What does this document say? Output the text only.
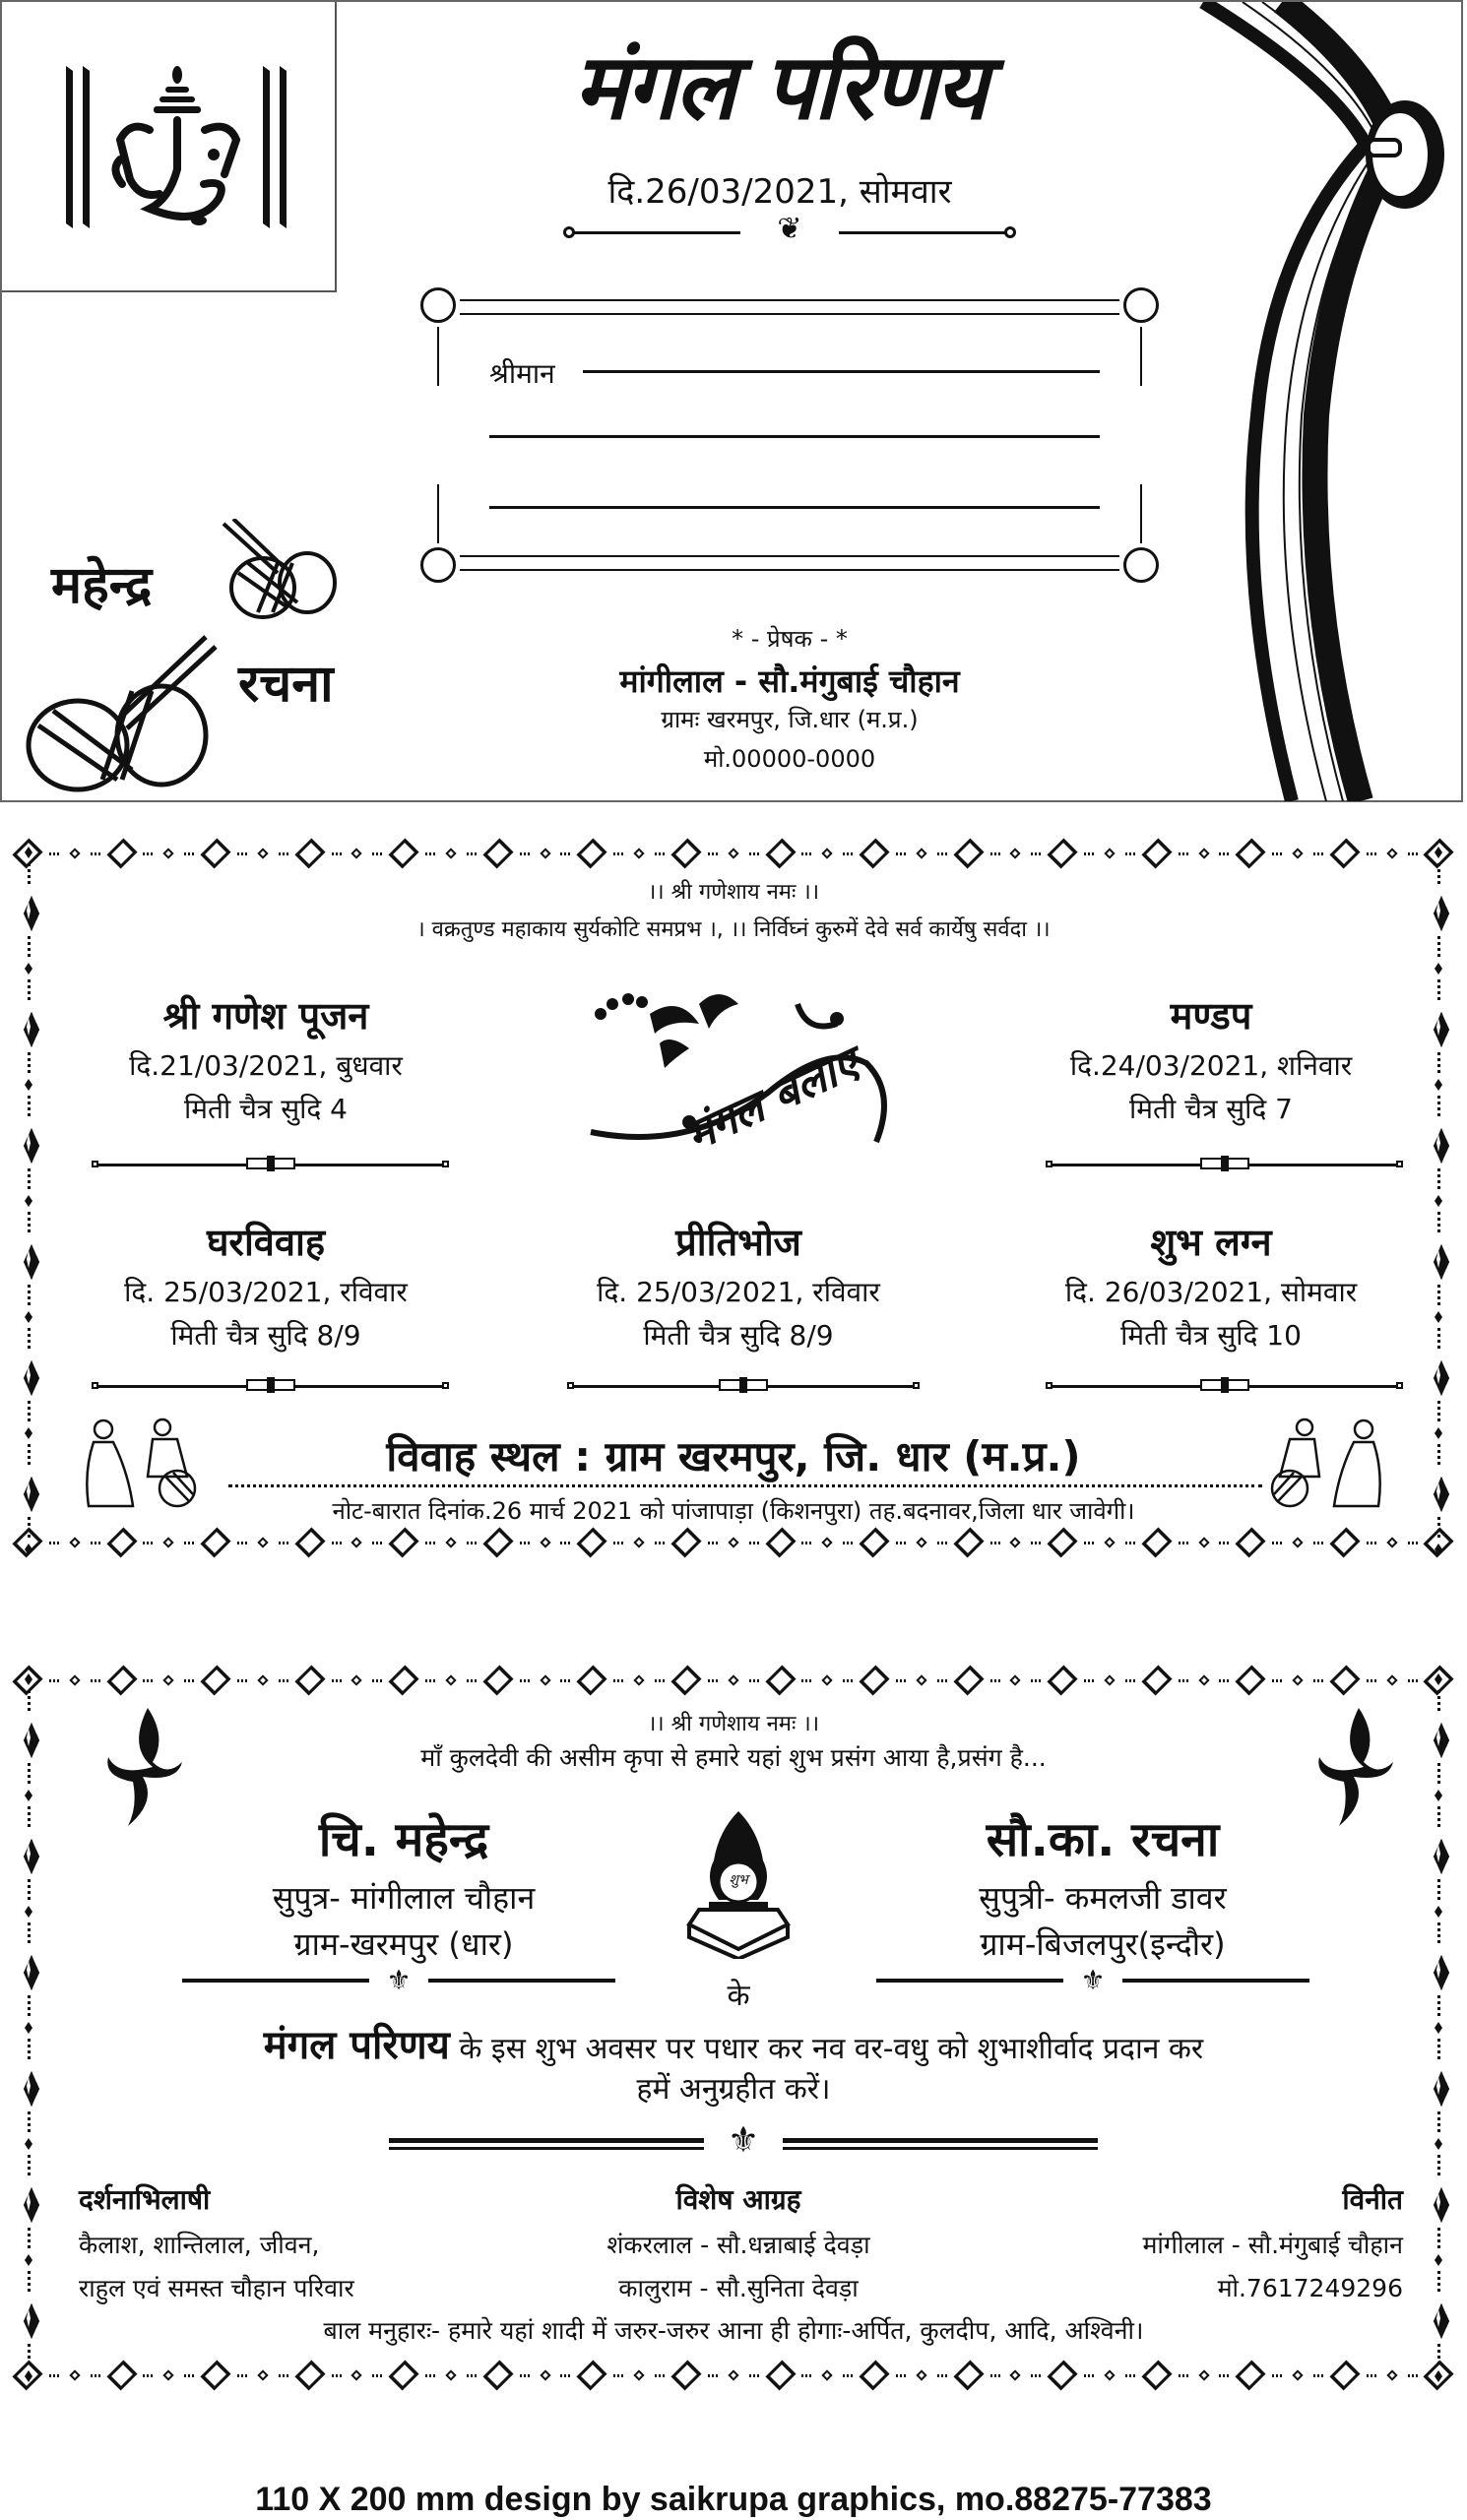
मंगल परिणय
दि.26/03/2021, सोमवार
❦
श्रीमान
महेन्द्र
रचना
* - प्रेषक - *
मांगीलाल - सौ.मंगुबाई चौहान
ग्रामः खरमपुर, जि.धार (म.प्र.)
मो.00000-0000
।। श्री गणेशाय नमः ।।
। वक्रतुण्ड महाकाय सुर्यकोटि समप्रभ ।, ।। निर्विघ्नं कुरुमें देवे सर्व कार्येषु सर्वदा ।।
मंगल बलाए
श्री गणेश पूजन
दि.21/03/2021, बुधवार
मिती चैत्र सुदि 4
मण्डप
दि.24/03/2021, शनिवार
मिती चैत्र सुदि 7
घरविवाह
दि. 25/03/2021, रविवार
मिती चैत्र सुदि 8/9
प्रीतिभोज
दि. 25/03/2021, रविवार
मिती चैत्र सुदि 8/9
शुभ लग्न
दि. 26/03/2021, सोमवार
मिती चैत्र सुदि 10
विवाह स्थल : ग्राम खरमपुर, जि. धार (म.प्र.)
नोट-बारात दिनांक.26 मार्च 2021 को पांजापाड़ा (किशनपुरा) तह.बदनावर,जिला धार जावेगी।
।। श्री गणेशाय नमः ।।
माँ कुलदेवी की असीम कृपा से हमारे यहां शुभ प्रसंग आया है,प्रसंग है...
चि. महेन्द्र
सुपुत्र- मांगीलाल चौहान
ग्राम-खरमपुर (धार)
⚜
सौ.का. रचना
सुपुत्री- कमलजी डावर
ग्राम-बिजलपुर(इन्दौर)
⚜
शुभ
के
मंगल परिणय के इस शुभ अवसर पर पधार कर नव वर-वधु को शुभाशीर्वाद प्रदान कर
हमें अनुग्रहीत करें।
⚜
दर्शनाभिलाषी
कैलाश, शान्तिलाल, जीवन,
राहुल एवं समस्त चौहान परिवार
विशेष आग्रह
शंकरलाल - सौ.धन्नाबाई देवड़ा
कालुराम - सौ.सुनिता देवड़ा
विनीत
मांगीलाल - सौ.मंगुबाई चौहान
मो.7617249296
बाल मनुहारः- हमारे यहां शादी में जरुर-जरुर आना ही होगाः-अर्पित, कुलदीप, आदि, अश्विनी।
110 X 200 mm design by saikrupa graphics, mo.88275-77383
